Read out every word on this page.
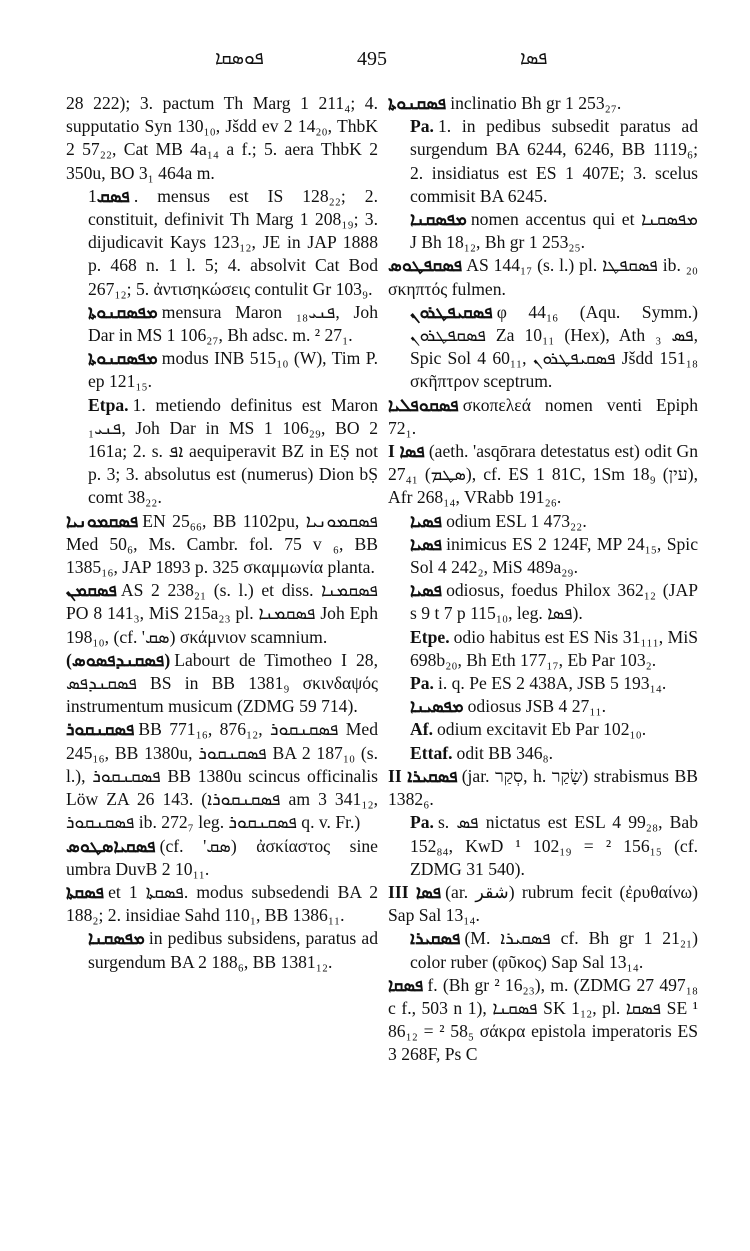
ܦܘܣܩܐ	495	ܦܣܐ

28 222); 3. pactum Th Marg 1 211₄; 4. supputatio Syn 130₁₀, Jšdd ev 2 14₂₀, ThbK 2 57₂₂, Cat MB 4a₁₄ a f.; 5. aera ThbK 2 350u, BO 3₁ 464a m.

ܦܣܩ1. mensus est IS 128₂₂; 2. constituit, definivit Th Marg 1 208₁₉; 3. dijudicavit Kays 123₁₂, JE in JAP 1888 p. 468 n. 1 l. 5; 4. absolvit Cat Bod 267₁₂; 5. ἀντισηκώσεις contulit Gr 103₉.

ܡܦܣܩܢܘܬܐ mensura Maron ܦܢܝ₁₈, Joh Dar in MS 1 106₂₇, Bh adsc. m. ² 27₁.

ܡܦܣܩܢܘܬܐ modus INB 515₁₀ (W), Tim P. ep 121₁₅.

Etpa. 1. metiendo definitus est Maron ܦܢܝ₁, Joh Dar in MS 1 106₂₉, BO 2 161a; 2. s. ܐܦ aequiperavit BZ in EṢ not p. 3; 3. absolutus est (numerus) Dion bṢ comt 38₂₂.

ܦܣܩܡܘܢܝܐ EN 25₆₆, BB 1102pu, ܦܣܩܡܘܢܝܐ Med 50₆, Ms. Cambr. fol. 75 v ₆, BB 1385₁₆, JAP 1893 p. 325 σκαμμωνία planta.

ܦܣܩܡܢ AS 2 238₂₁ (s. l.) et diss. ܦܣܩܡܢܐ PO 8 141₃, MiS 215a₂₃ pl. ܦܣܩܡܢܐ Joh Eph 198₁₀, (cf. 'ܣܩ) σκάμνιον scamnium.

(ܦܣܩܢܕܦܣܘܣ) Labourt de Timotheo I 28, ܦܣܩܢܕܦܣ BS in BB 1381₉ σκινδαψός instrumentum musicum (ZDMG 59 714).

ܦܣܩܢܩܘܪ BB 771₁₆, 876₁₂, ܦܣܩܢܩܘܪ Med 245₁₆, BB 1380u, ܦܣܩܢܩܘܪ BA 2 187₁₀ (s. l.), ܦܣܩܢܩܘܪ BB 1380u scincus officinalis Löw ZA 26 143. (ܦܣܩܢܩܘܪܐ am 3 341₁₂, ܦܣܩܢܩܘܪ ib. 272₇ leg. ܦܣܩܢܩܘܪ q. v. Fr.)

ܦܣܩܝܐܣܛܘܣ (cf. 'ܣܩ) ἀσκίαστος sine umbra DuvB 2 10₁₁.

ܦܣܩܬܐ et ܦܣܩܬܐ 1. modus subsedendi BA 2 188₂; 2. insidiae Sahd 110₁, BB 1386₁₁.

ܡܦܣܩܢܐ in pedibus subsidens, paratus ad surgendum BA 2 188₆, BB 1381₁₂.

ܦܣܩܢܘܬܐ inclinatio Bh gr 1 253₂₇.

Pa. 1. in pedibus subsedit paratus ad surgendum BA 6244, 6246, BB 1119₆; 2. insidiatus est ES 1 407E; 3. scelus commisit BA 6245.

ܡܦܣܩܢܐ nomen accentus qui et ܡܦܣܩܢܐ J Bh 18₁₂, Bh gr 1 253₂₅.

ܦܣܩܦܛܘܣ AS 144₁₇ (s. l.) pl. ܦܣܩܦܛܐ ib. ₂₀ σκηπτός fulmen.

ܦܣܩܝܦܛܪܘܢ φ 44₁₆ (Aqu. Symm.) ܦܣܩܦܛܪܘܢ Za 10₁₁ (Hex), Ath ܦܣ ₃, Spic Sol 4 60₁₁, ܦܣܩܝܦܛܪܘܢ Jšdd 151₁₈ σκῆπτρον sceptrum.

ܦܣܩܘܦܠܝܐ σκοπελεά nomen venti Epiph 72₁.

I ܦܣܐ (aeth. 'asqōrara detestatus est) odit Gn 27₄₁ (ܣܛܡ), cf. ES 1 81C, 1Sm 18₉ (עין), Afr 268₁₄, VRabb 191₂₆.

ܦܣܝܐ odium ESL 1 473₂₂.

ܦܣܝܐ inimicus ES 2 124F, MP 24₁₅, Spic Sol 4 242₂, MiS 489a₂₉.

ܦܣܝܐ odiosus, foedus Philox 362₁₂ (JAP s 9 t 7 p 115₁₀, leg. ܦܣܐ).

Etpe. odio habitus est ES Nis 31₁₁₁, MiS 698b₂₀, Bh Eth 177₁₇, Eb Par 103₂.

Pa. i. q. Pe ES 2 438A, JSB 5 193₁₄.

ܡܦܣܝܢܐ odiosus JSB 4 27₁₁.

Af. odium excitavit Eb Par 102₁₀.

Ettaf. odit BB 346₈.

II ܦܣܩܝܪܐ (jar. סְקַר, h. שָׂקַר) strabismus BB 1382₆.

Pa. s. ܦܣ nictatus est ESL 4 99₂₈, Bab 152₈₄, KwD ¹ 102₁₉ = ² 156₁₅ (cf. ZDMG 31 540).

III ܦܣܐ (ar. شقر) rubrum fecit (ἐρυθαίνω) Sap Sal 13₁₄.

ܦܣܩܝܪܐ (M. ܦܣܩܝܪܐ cf. Bh gr 1 21₂₁) color ruber (φῦκος) Sap Sal 13₁₄.

ܦܣܩܐ f. (Bh gr ² 16₂₃), m. (ZDMG 27 497₁₈ c f., 503 n 1), ܦܣܩܢܐ SK 1₁₂, pl. ܦܣܩܐ SE ¹ 86₁₂ = ² 58₅ σάκρα epistola imperatoris ES 3 268F, Ps C
